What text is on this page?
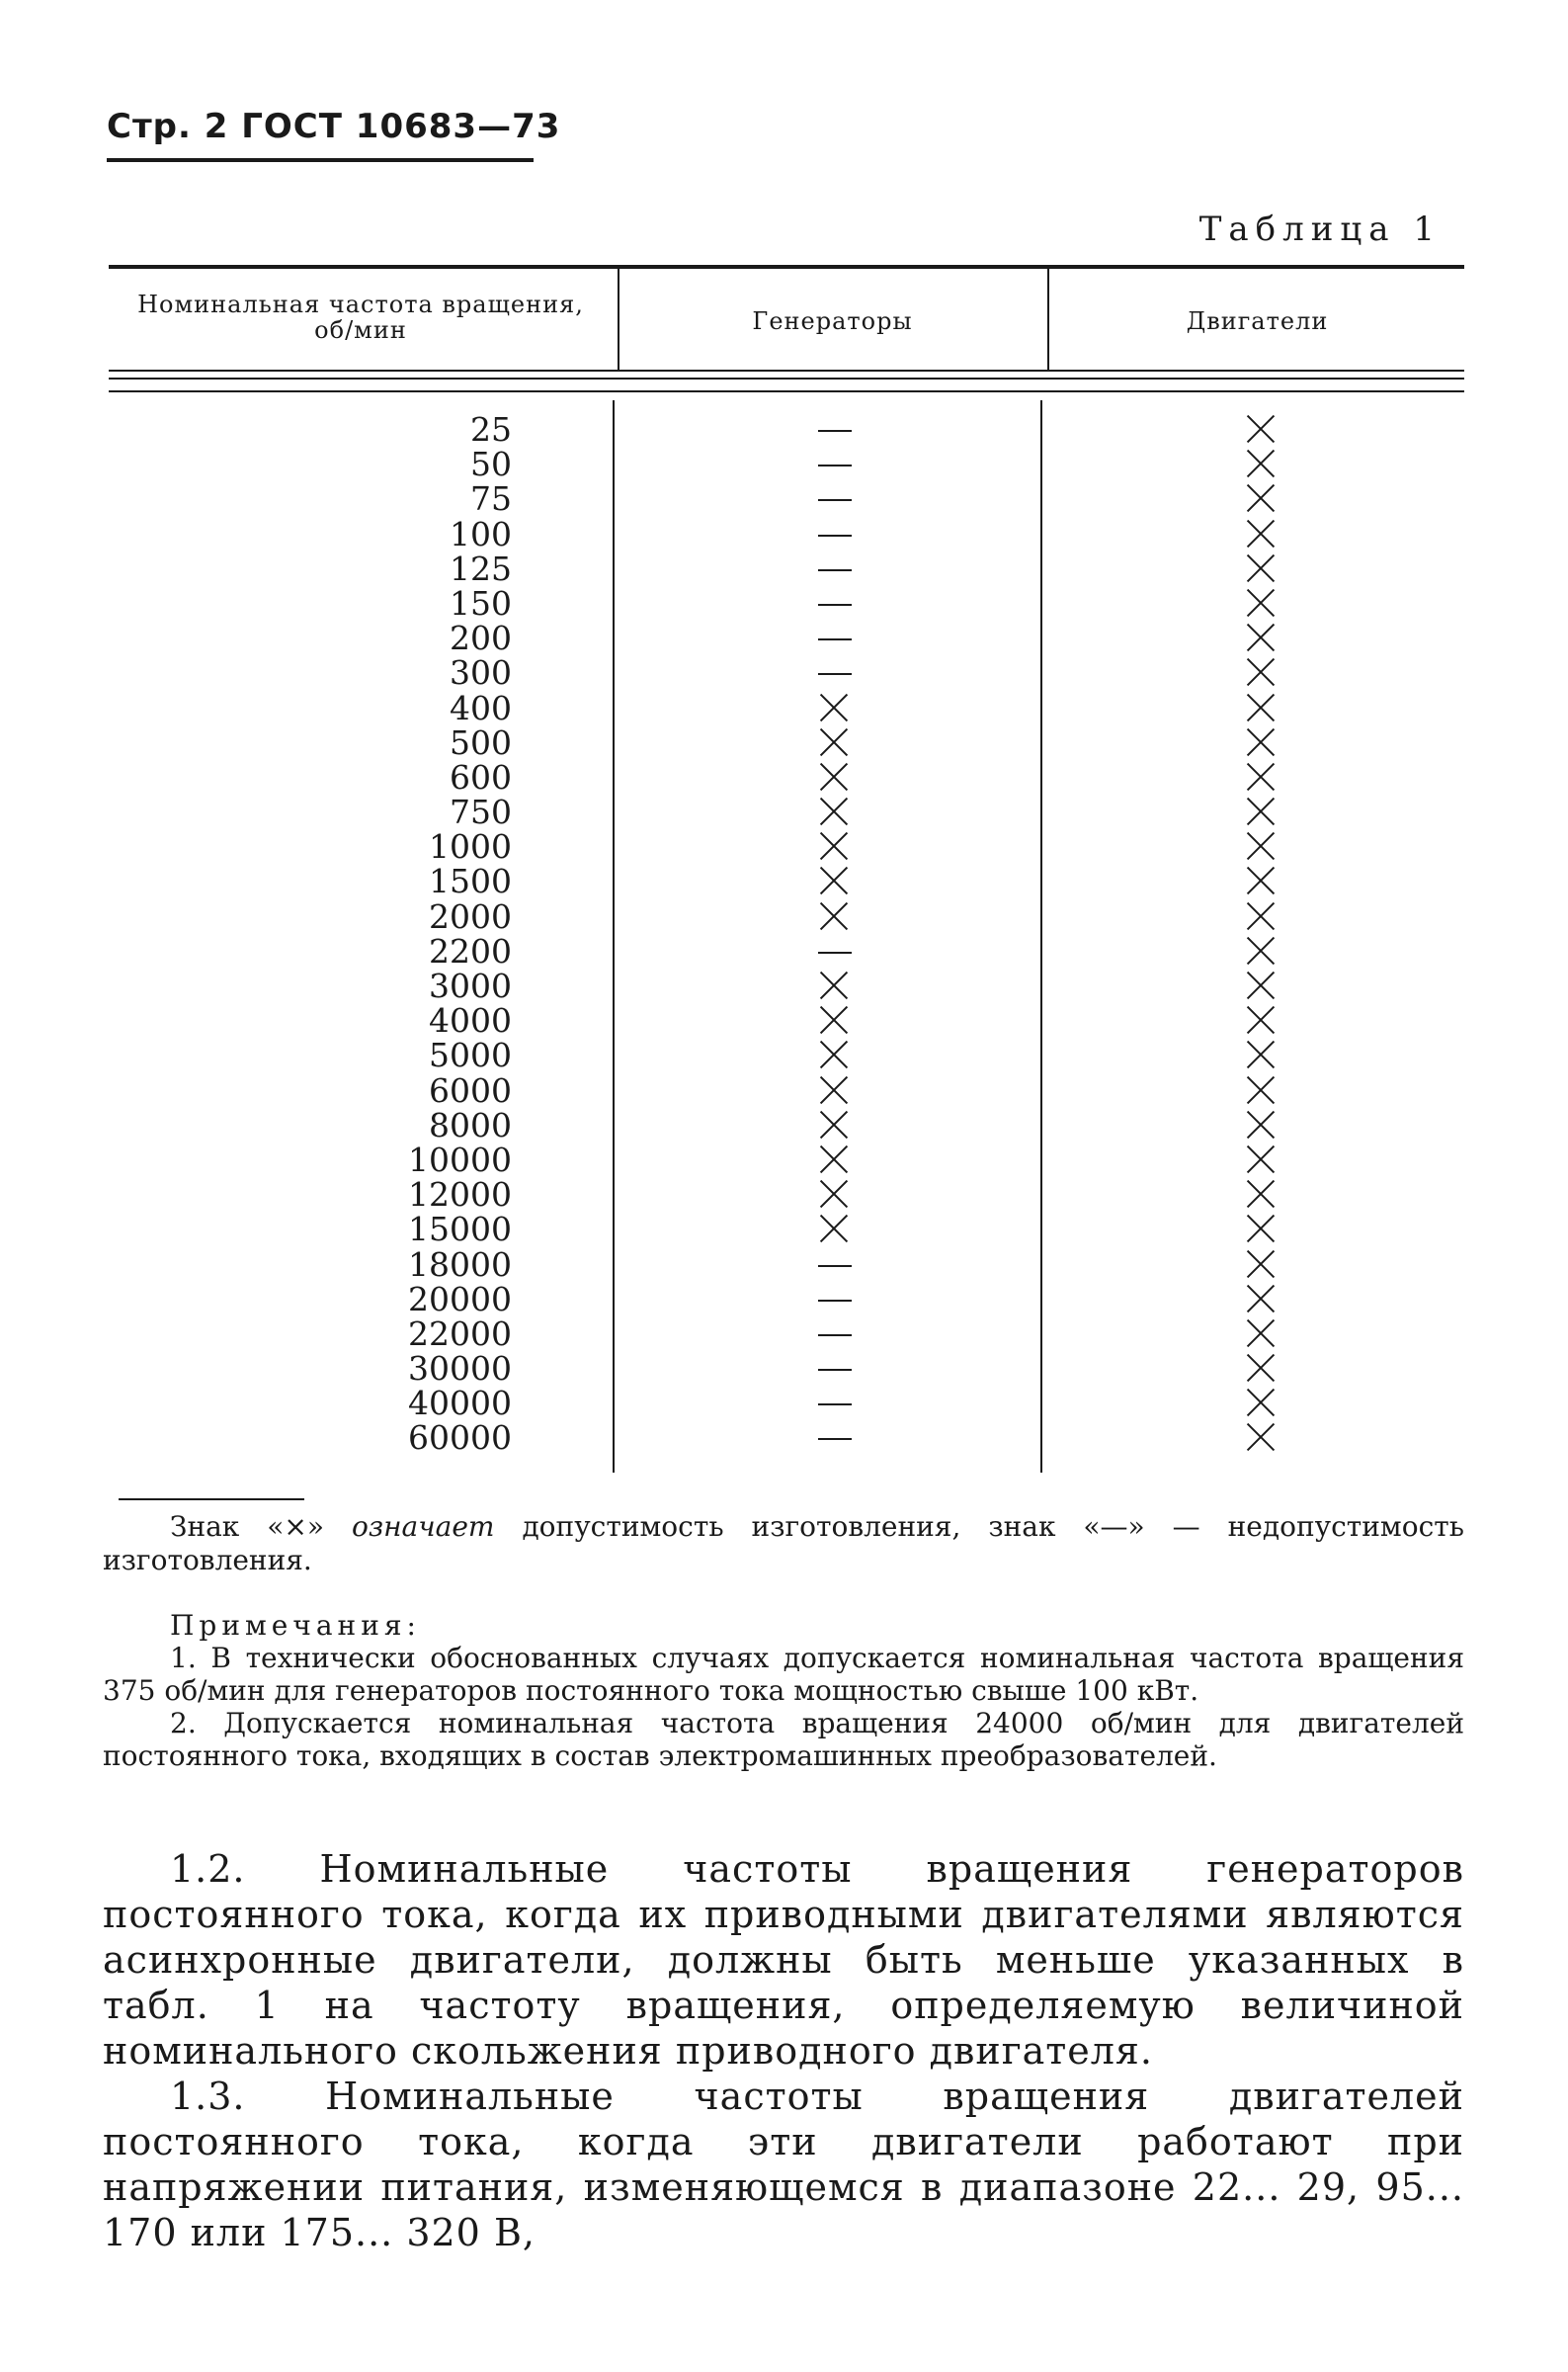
Стр. 2 ГОСТ 10683—73
Таблица 1
Номинальная частота вращения, об/мин	Генераторы	Двигатели
25
50
75
100
125
150
200
300
400
500
600
750
1000
1500
2000
2200
3000
4000
5000
6000
8000
10000
12000
15000
18000
20000
22000
30000
40000
60000
Знак «×» означает допустимость изготовления, знак «—» — недопустимость
изготовления.
Примечания:
1. В технически обоснованных случаях допускается номинальная частота вращения 375 об/мин для генераторов постоянного тока мощностью свыше 100 кВт.
2. Допускается номинальная частота вращения 24000 об/мин для двигателей постоянного тока, входящих в состав электромашинных преобразователей.
1.2. Номинальные частоты вращения генераторов постоянного тока, когда их приводными двигателями являются асинхронные двигатели, должны быть меньше указанных в табл. 1 на частоту вращения, определяемую величиной номинального скольжения приводного двигателя.
1.3. Номинальные частоты вращения двигателей постоянного тока, когда эти двигатели работают при напряжении питания, изменяющемся в диапазоне 22... 29, 95... 170 или 175... 320 В,
